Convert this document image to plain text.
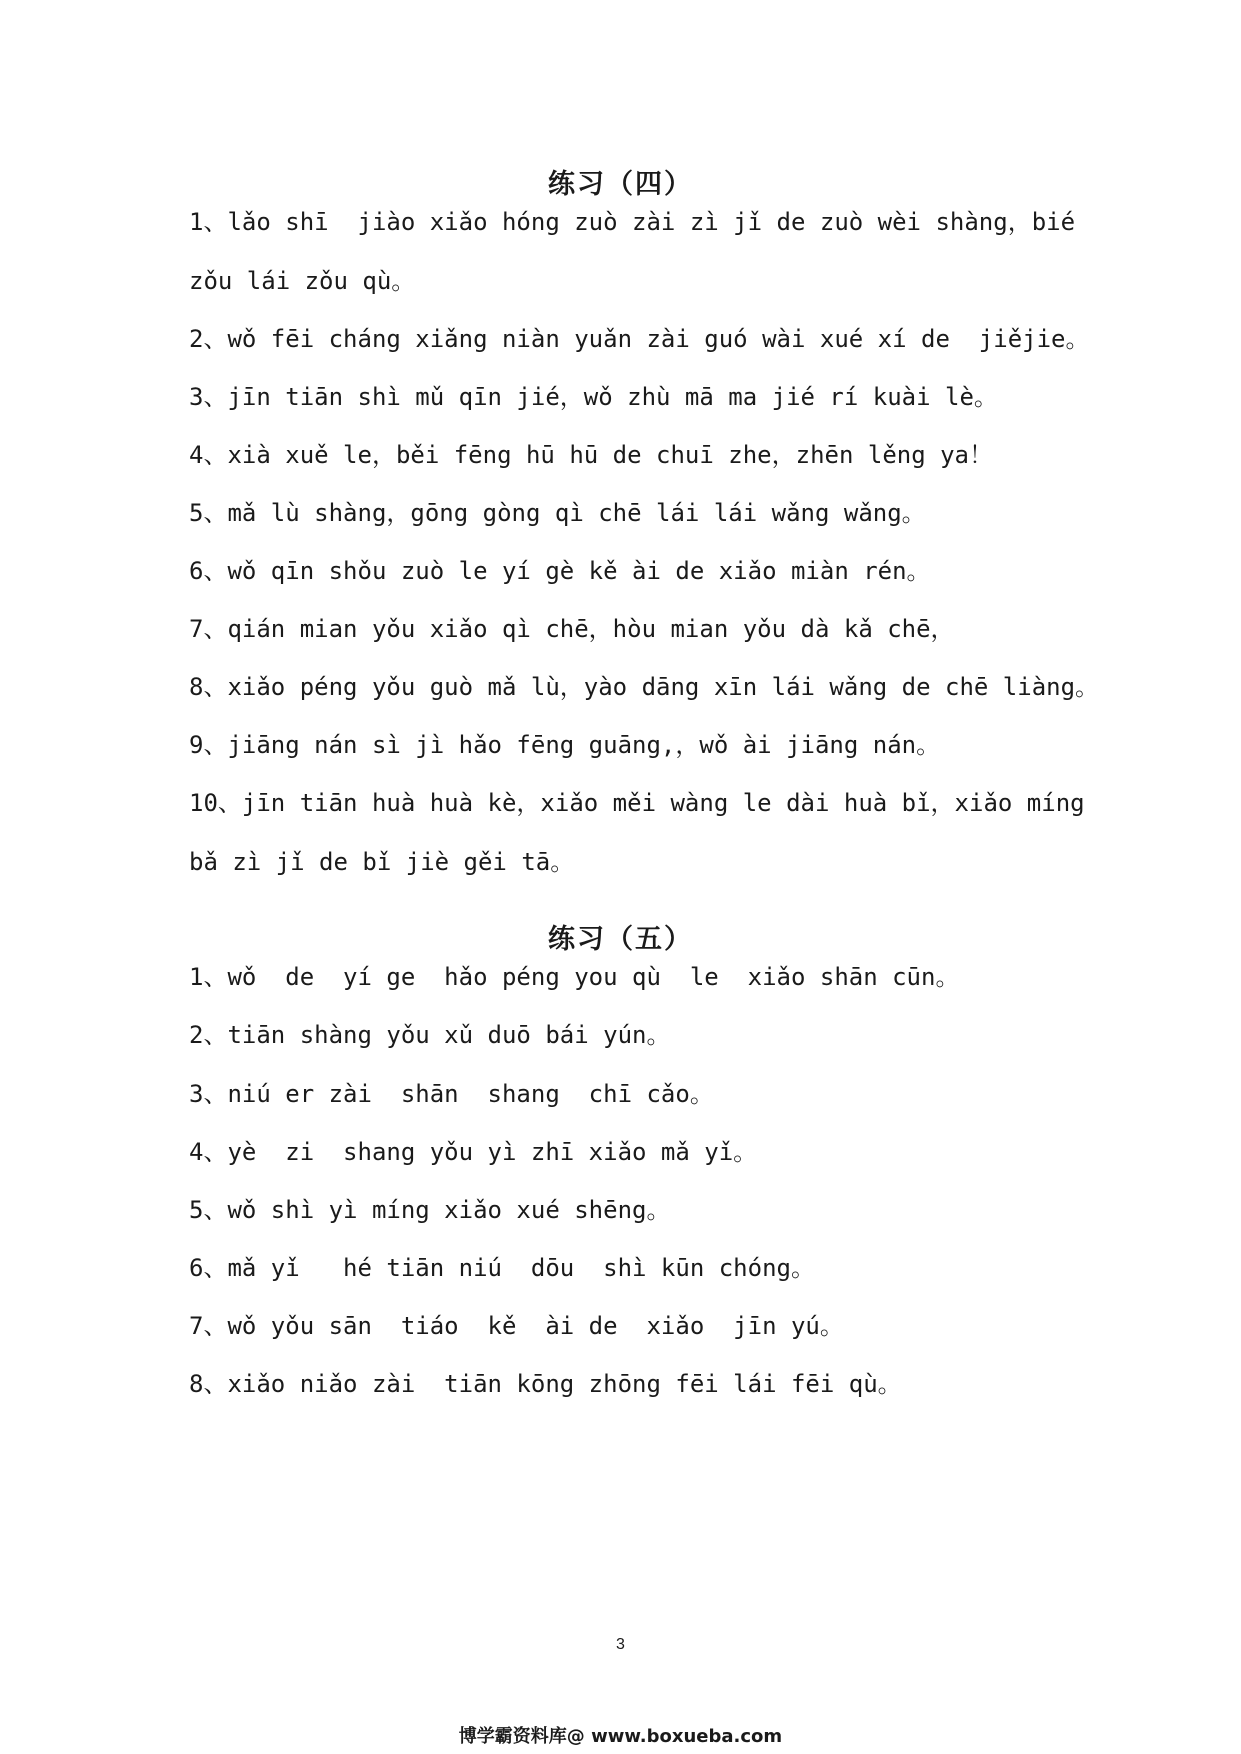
练习（四）
1、lǎo shī  jiào xiǎo hóng zuò zài zì jǐ de zuò wèi shàng，bié
zǒu lái zǒu qù。
2、wǒ fēi cháng xiǎng niàn yuǎn zài guó wài xué xí de  jiějie。
3、jīn tiān shì mǔ qīn jié，wǒ zhù mā ma jié rí kuài lè。
4、xià xuě le，běi fēng hū hū de chuī zhe，zhēn lěng ya！
5、mǎ lù shàng，gōng gòng qì chē lái lái wǎng wǎng。
6、wǒ qīn shǒu zuò le yí gè kě ài de xiǎo miàn rén。
7、qián mian yǒu xiǎo qì chē，hòu mian yǒu dà kǎ chē，
8、xiǎo péng yǒu guò mǎ lù，yào dāng xīn lái wǎng de chē liàng。
9、jiāng nán sì jì hǎo fēng guāng,，wǒ ài jiāng nán。
10、jīn tiān huà huà kè，xiǎo měi wàng le dài huà bǐ，xiǎo míng
bǎ zì jǐ de bǐ jiè gěi tā。
练习（五）
1、wǒ  de  yí ge  hǎo péng you qù  le  xiǎo shān cūn。
2、tiān shàng yǒu xǔ duō bái yún。
3、niú er zài  shān  shang  chī cǎo。
4、yè  zi  shang yǒu yì zhī xiǎo mǎ yǐ。
5、wǒ shì yì míng xiǎo xué shēng。
6、mǎ yǐ   hé tiān niú  dōu  shì kūn chóng。
7、wǒ yǒu sān  tiáo  kě  ài de  xiǎo  jīn yú。
8、xiǎo niǎo zài  tiān kōng zhōng fēi lái fēi qù。
3
博学霸资料库@ www.boxueba.com
